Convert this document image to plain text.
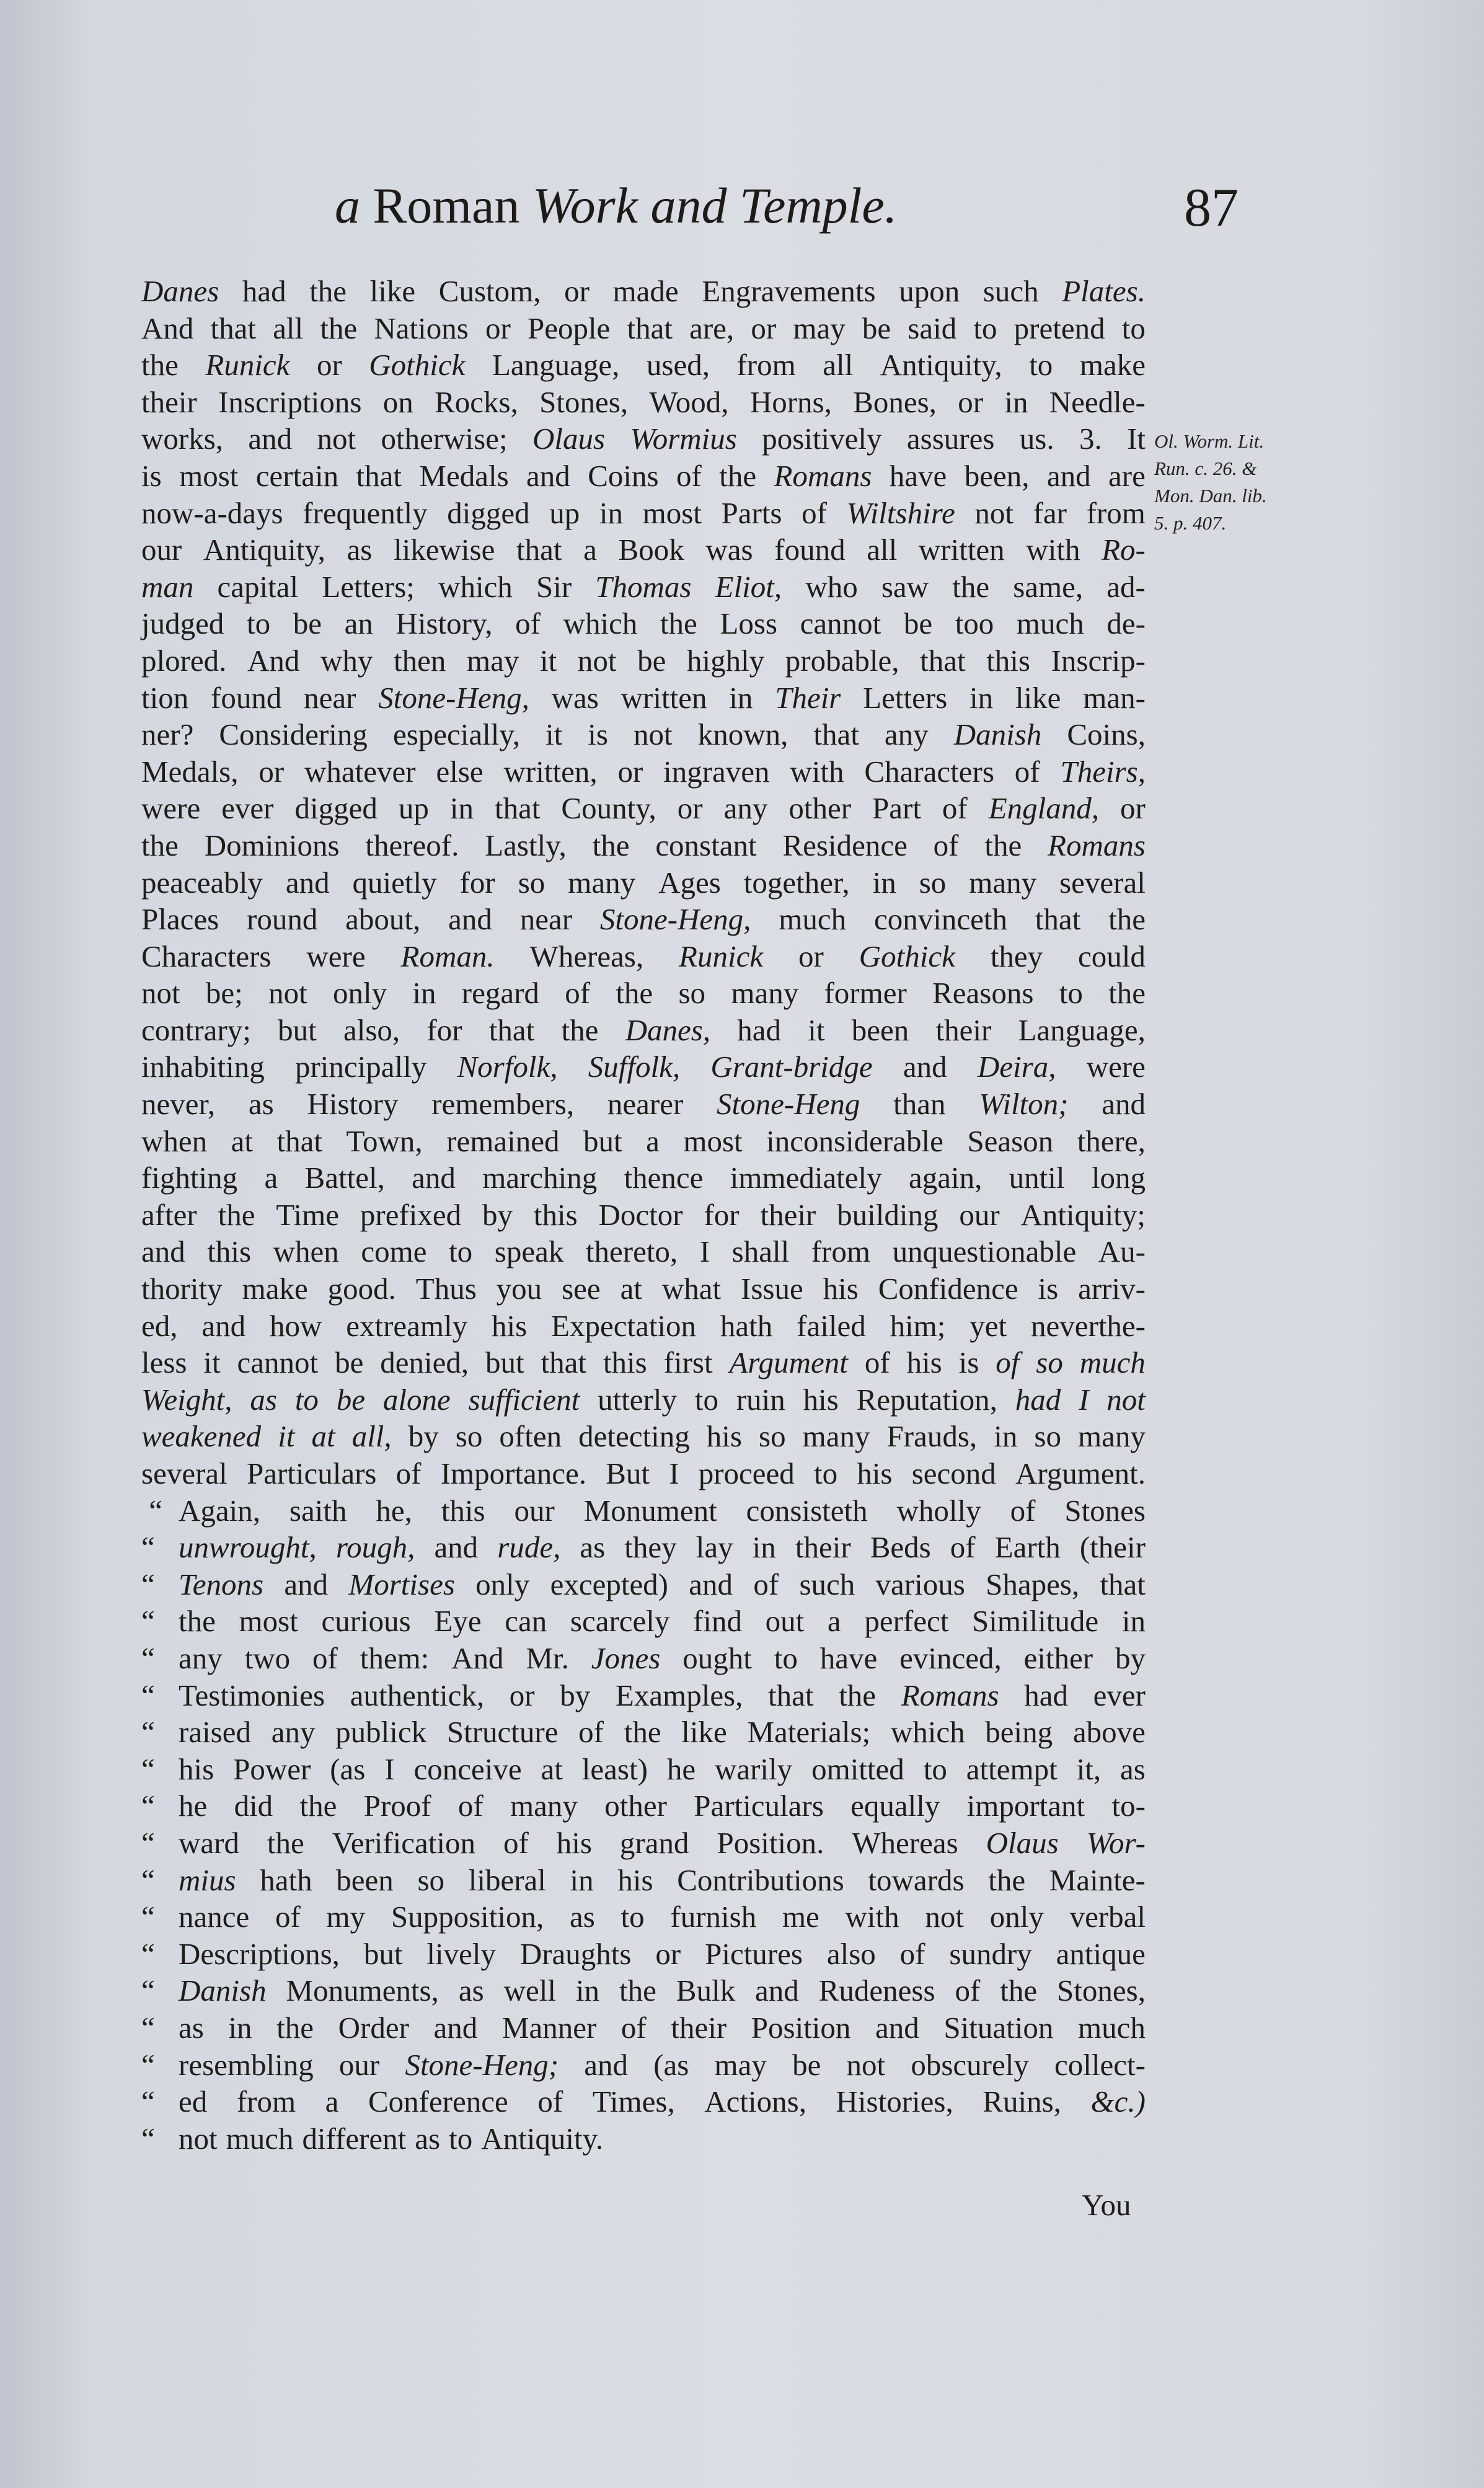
a Roman Work and Temple.	87
Ol. Worm. Lit.
Run. c. 26. &
Mon. Dan. lib.
5. p. 407.
Danes had the like Custom, or made Engravements upon such Plates.
And that all the Nations or People that are, or may be said to pretend to
the Runick or Gothick Language, used, from all Antiquity, to make
their Inscriptions on Rocks, Stones, Wood, Horns, Bones, or in Needle-
works, and not otherwise; Olaus Wormius positively assures us. 3. It
is most certain that Medals and Coins of the Romans have been, and are
now-a-days frequently digged up in most Parts of Wiltshire not far from
our Antiquity, as likewise that a Book was found all written with Ro-
man capital Letters; which Sir Thomas Eliot, who saw the same, ad-
judged to be an History, of which the Loss cannot be too much de-
plored. And why then may it not be highly probable, that this Inscrip-
tion found near Stone-Heng, was written in Their Letters in like man-
ner? Considering especially, it is not known, that any Danish Coins,
Medals, or whatever else written, or ingraven with Characters of Theirs,
were ever digged up in that County, or any other Part of England, or
the Dominions thereof. Lastly, the constant Residence of the Romans
peaceably and quietly for so many Ages together, in so many several
Places round about, and near Stone-Heng, much convinceth that the
Characters were Roman. Whereas, Runick or Gothick they could
not be; not only in regard of the so many former Reasons to the
contrary; but also, for that the Danes, had it been their Language,
inhabiting principally Norfolk, Suffolk, Grant-bridge and Deira, were
never, as History remembers, nearer Stone-Heng than Wilton; and
when at that Town, remained but a most inconsiderable Season there,
fighting a Battel, and marching thence immediately again, until long
after the Time prefixed by this Doctor for their building our Antiquity;
and this when come to speak thereto, I shall from unquestionable Au-
thority make good. Thus you see at what Issue his Confidence is arriv-
ed, and how extreamly his Expectation hath failed him; yet neverthe-
less it cannot be denied, but that this first Argument of his is of so much
Weight, as to be alone sufficient utterly to ruin his Reputation, had I not
weakened it at all, by so often detecting his so many Frauds, in so many
several Particulars of Importance. But I proceed to his second Argument.
“ Again, saith he, this our Monument consisteth wholly of Stones
“ unwrought, rough, and rude, as they lay in their Beds of Earth (their
“ Tenons and Mortises only excepted) and of such various Shapes, that
“ the most curious Eye can scarcely find out a perfect Similitude in
“ any two of them: And Mr. Jones ought to have evinced, either by
“ Testimonies authentick, or by Examples, that the Romans had ever
“ raised any publick Structure of the like Materials; which being above
“ his Power (as I conceive at least) he warily omitted to attempt it, as
“ he did the Proof of many other Particulars equally important to-
“ ward the Verification of his grand Position. Whereas Olaus Wor-
“ mius hath been so liberal in his Contributions towards the Mainte-
“ nance of my Supposition, as to furnish me with not only verbal
“ Descriptions, but lively Draughts or Pictures also of sundry antique
“ Danish Monuments, as well in the Bulk and Rudeness of the Stones,
“ as in the Order and Manner of their Position and Situation much
“ resembling our Stone-Heng; and (as may be not obscurely collect-
“ ed from a Conference of Times, Actions, Histories, Ruins, &c.)
“ not much different as to Antiquity.
You
